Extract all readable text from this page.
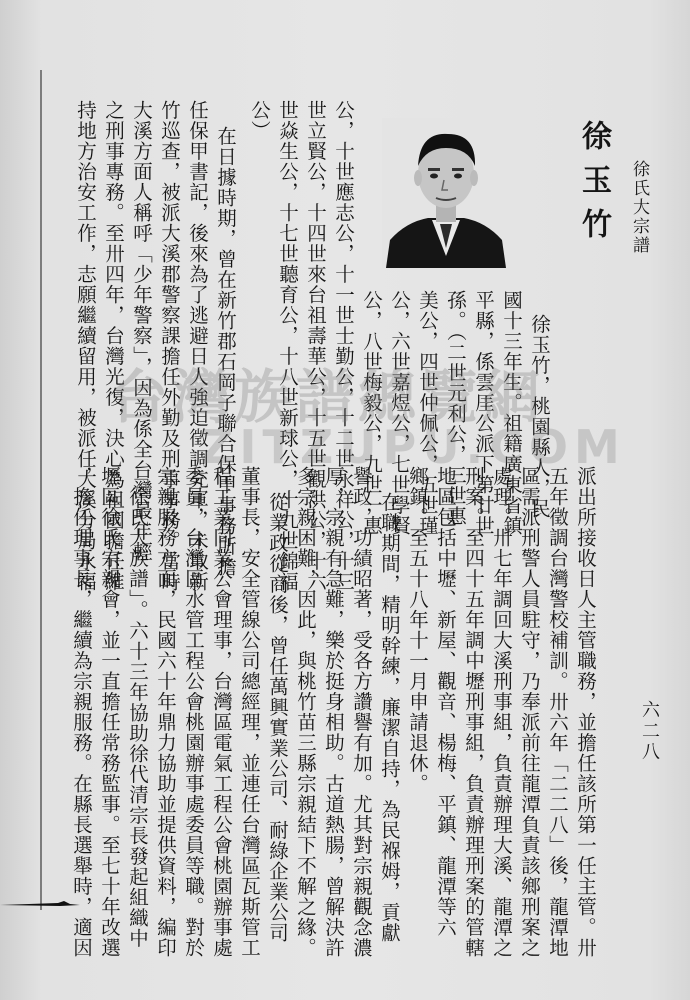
徐氏大宗譜
六二八
徐玉竹
徐玉竹，桃園縣人，民
國十三年生。祖籍廣東省鎮
平縣，係雲厓公派下第廿世
孫。（二世元利公，三世惠
美公，四世仲佩公，五世瑾
公，六世嘉煜公，七世學賢
公，八世梅毅公，九世一惠
公，十世應志公，十一世士勤公，十二世永祥公，十三
世立賢公，十四世來台祖壽華公，十五世觀洪公，十六
世焱生公，十七世聽育公，十八世新球公，十九世錦福
公）
在日據時期，曾在新竹郡石岡子聯合保甲事務所擔
任保甲書記，後來為了逃避日人強迫徵調充軍，未取新
竹巡查，被派大溪郡警察課擔任外勤及刑事事務。當時
大溪方面人稱呼「少年警察」，因為係全台灣最年輕
之刑事專務。至卅四年，台灣光復，決心為祖國擔任維
持地方治安工作，志願繼續留用，被派任大溪分局永福
派出所接收日人主管職務，並擔任該所第一任主管。卅
五年徵調台灣警校補訓。卅六年「二二八」後，龍潭地
區需派刑警人員駐守，乃奉派前往龍潭負責該鄉刑案之
處理。卅七年調回大溪刑事組，負責辦理大溪、龍潭之
刑案。至四十五年調中壢刑事組，負責辦理刑案的管轄
地區包括中壢、新屋、觀音、楊梅、平鎮、龍潭等六
鄉鎮。至五十八年十一月申請退休。
在職期間，精明幹練，廉潔自持，為民褓姆，貢獻
譽政，功績昭著，受各方讚譽有加。尤其對宗親觀念濃
厚，宗親有急難，樂於挺身相助。古道熱腸，曾解決許
多宗親困難，因此，與桃竹苗三縣宗親結下不解之緣。
從業政從商後，曾任萬興實業公司、耐綠企業公司
董事長，安全管線公司總經理，並連任台灣區瓦斯管工
程工業同業公會理事，台灣區電氣工程公會桃園辦事處
委員，台灣區水管工程公會桃園辦事處委員等職。對於
宗親服務方面，民國六十年鼎力協助並提供資料，編印
「徐氏大族譜」。六十三年協助徐代清宗長發起組織中
壢區徐氏宗親會，並一直擔任常務監事。至七十年改選
，擔任理事長，繼續為宗親服務。在縣長選舉時，適因
台灣族譜總覽網
ZITZUPU.COM
